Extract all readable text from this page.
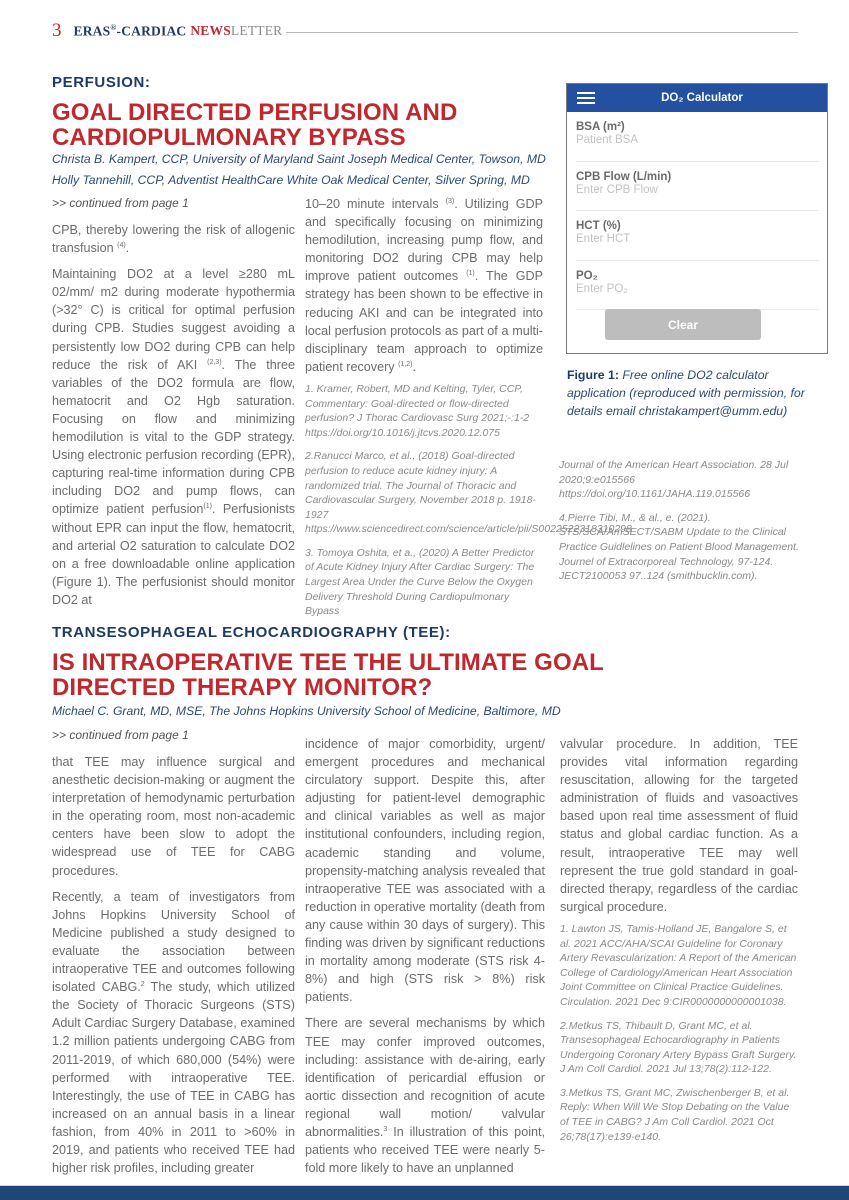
3 ERAS®-CARDIAC NEWS LETTER
PERFUSION:
GOAL DIRECTED PERFUSION AND
CARDIOPULMONARY BYPASS
Christa B. Kampert, CCP, University of Maryland Saint Joseph Medical Center, Towson, MD
Holly Tannehill, CCP, Adventist HealthCare White Oak Medical Center, Silver Spring, MD
>> continued from page 1

CPB, thereby lowering the risk of allogenic transfusion $^{(4)}$.

Maintaining DO2 at a level ≥280 mL 02/mm/ m2 during moderate hypothermia (>32° C) is critical for optimal perfusion during CPB. Studies suggest avoiding a persistently low DO2 during CPB can help reduce the risk of AKI $^{(2,3)}$. The three variables of the DO2 formula are flow, hematocrit and O2 Hgb saturation. Focusing on flow and minimizing hemodilution is vital to the GDP strategy. Using electronic perfusion recording (EPR), capturing real-time information during CPB including DO2 and pump flows, can optimize patient perfusion$^{(1)}$. Perfusionists without EPR can input the flow, hematocrit, and arterial O2 saturation to calculate DO2 on a free downloadable online application (Figure 1). The perfusionist should monitor DO2 at

10–20 minute intervals $^{(3)}$. Utilizing GDP and specifically focusing on minimizing hemodilution, increasing pump flow, and monitoring DO2 during CPB may help improve patient outcomes $^{(1)}$. The GDP strategy has been shown to be effective in reducing AKI and can be integrated into local perfusion protocols as part of a multi-disciplinary team approach to optimize patient recovery $^{(1,2)}$.

1. Kramer, Robert, MD and Kelting, Tyler, CCP, Commentary: Goal-directed or flow-directed perfusion? J Thorac Cardiovasc Surg 2021;-:1-2 https://doi.org/10.1016/j.jtcvs.2020.12.075

2.Ranucci Marco, et al., (2018) Goal-directed perfusion to reduce acute kidney injury: A randomized trial. The Journal of Thoracic and Cardiovascular Surgery, November 2018 p. 1918-1927 https://www.sciencedirect.com/science/article/pii/S0022522318310298

3. Tomoya Oshita, et a., (2020) A Better Predictor of Acute Kidney Injury After Cardiac Surgery: The Largest Area Under the Curve Below the Oxygen Delivery Threshold During Cardiopulmonary Bypass

DO₂ Calculator
BSA (m²)
Patient BSA
CPB Flow (L/min)
Enter CPB Flow
HCT (%)
Enter HCT
PO₂
Enter PO₂
Clear
Figure 1: Free online DO2 calculator application (reproduced with permission, for details email christakampert@umm.edu)

Journal of the American Heart Association. 28 Jul 2020;9:e015566 https://doi.org/10.1161/JAHA.119.015566

4.Pierre Tibi, M., & al., e. (2021). STS/SCA/AmSECT/SABM Update to the Clinical Practice Guidlelines on Patient Blood Management. Journel of Extracorporeal Technology, 97-124. JECT2100053 97..124 (smithbucklin.com).

TRANSESOPHAGEAL ECHOCARDIOGRAPHY (TEE):
IS INTRAOPERATIVE TEE THE ULTIMATE GOAL
DIRECTED THERAPY MONITOR?
Michael C. Grant, MD, MSE, The Johns Hopkins University School of Medicine, Baltimore, MD
>> continued from page 1

that TEE may influence surgical and anesthetic decision-making or augment the interpretation of hemodynamic perturbation in the operating room, most non-academic centers have been slow to adopt the widespread use of TEE for CABG procedures.

Recently, a team of investigators from Johns Hopkins University School of Medicine published a study designed to evaluate the association between intraoperative TEE and outcomes following isolated CABG.$^2$ The study, which utilized the Society of Thoracic Surgeons (STS) Adult Cardiac Surgery Database, examined 1.2 million patients undergoing CABG from 2011-2019, of which 680,000 (54%) were performed with intraoperative TEE. Interestingly, the use of TEE in CABG has increased on an annual basis in a linear fashion, from 40% in 2011 to >60% in 2019, and patients who received TEE had higher risk profiles, including greater

incidence of major comorbidity, urgent/ emergent procedures and mechanical circulatory support. Despite this, after adjusting for patient-level demographic and clinical variables as well as major institutional confounders, including region, academic standing and volume, propensity-matching analysis revealed that intraoperative TEE was associated with a reduction in operative mortality (death from any cause within 30 days of surgery). This finding was driven by significant reductions in mortality among moderate (STS risk 4-8%) and high (STS risk > 8%) risk patients.

There are several mechanisms by which TEE may confer improved outcomes, including: assistance with de-airing, early identification of pericardial effusion or aortic dissection and recognition of acute regional wall motion/ valvular abnormalities.$^3$ In illustration of this point, patients who received TEE were nearly 5-fold more likely to have an unplanned

valvular procedure. In addition, TEE provides vital information regarding resuscitation, allowing for the targeted administration of fluids and vasoactives based upon real time assessment of fluid status and global cardiac function. As a result, intraoperative TEE may well represent the true gold standard in goal-directed therapy, regardless of the cardiac surgical procedure.

1. Lawton JS, Tamis-Holland JE, Bangalore S, et al. 2021 ACC/AHA/SCAI Guideline for Coronary Artery Revascularization: A Report of the American College of Cardiology/American Heart Association Joint Committee on Clinical Practice Guidelines. Circulation. 2021 Dec 9:CIR0000000000001038.

2.Metkus TS, Thibault D, Grant MC, et al. Transesophageal Echocardiography in Patients Undergoing Coronary Artery Bypass Graft Surgery. J Am Coll Cardiol. 2021 Jul 13;78(2):112-122.

3.Metkus TS, Grant MC, Zwischenberger B, et al. Reply: When Will We Stop Debating on the Value of TEE in CABG? J Am Coll Cardiol. 2021 Oct 26;78(17):e139-e140.
